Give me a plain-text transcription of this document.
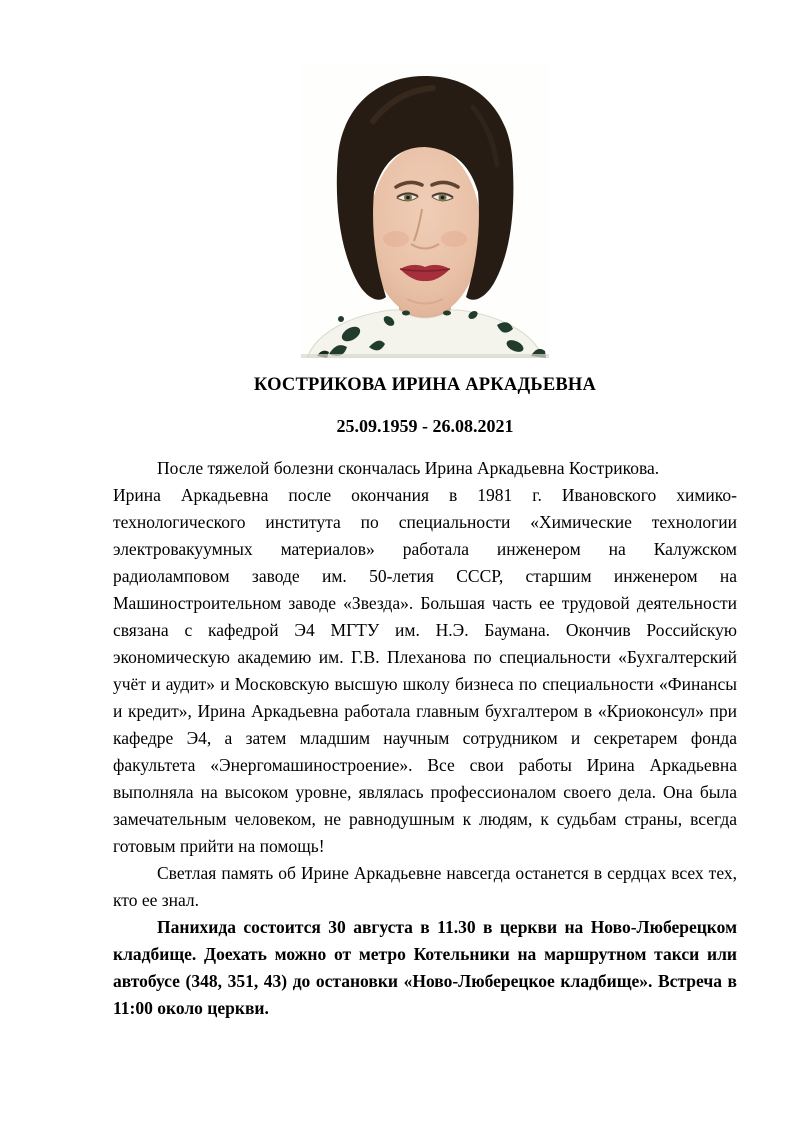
КОСТРИКОВА ИРИНА АРКАДЬЕВНА
25.09.1959 - 26.08.2021

После тяжелой болезни скончалась Ирина Аркадьевна Кострикова.

Ирина Аркадьевна после окончания в 1981 г. Ивановского химико-технологического института по специальности «Химические технологии электровакуумных материалов» работала инженером на Калужском радиоламповом заводе им. 50-летия СССР, старшим инженером на Машиностроительном заводе «Звезда». Большая часть ее трудовой деятельности связана с кафедрой Э4 МГТУ им. Н.Э. Баумана. Окончив Российскую экономическую академию им. Г.В. Плеханова по специальности «Бухгалтерский учёт и аудит» и Московскую высшую школу бизнеса по специальности «Финансы и кредит», Ирина Аркадьевна работала главным бухгалтером в «Криоконсул» при кафедре Э4, а затем младшим научным сотрудником и секретарем фонда факультета «Энергомашиностроение». Все свои работы Ирина Аркадьевна выполняла на высоком уровне, являлась профессионалом своего дела. Она была замечательным человеком, не равнодушным к людям, к судьбам страны, всегда готовым прийти на помощь!

Светлая память об Ирине Аркадьевне навсегда останется в сердцах всех тех, кто ее знал.

Панихида состоится 30 августа в 11.30 в церкви на Ново-Люберецком кладбище. Доехать можно от метро Котельники на маршрутном такси или автобусе (348, 351, 43) до остановки «Ново-Люберецкое кладбище». Встреча в 11:00 около церкви.
